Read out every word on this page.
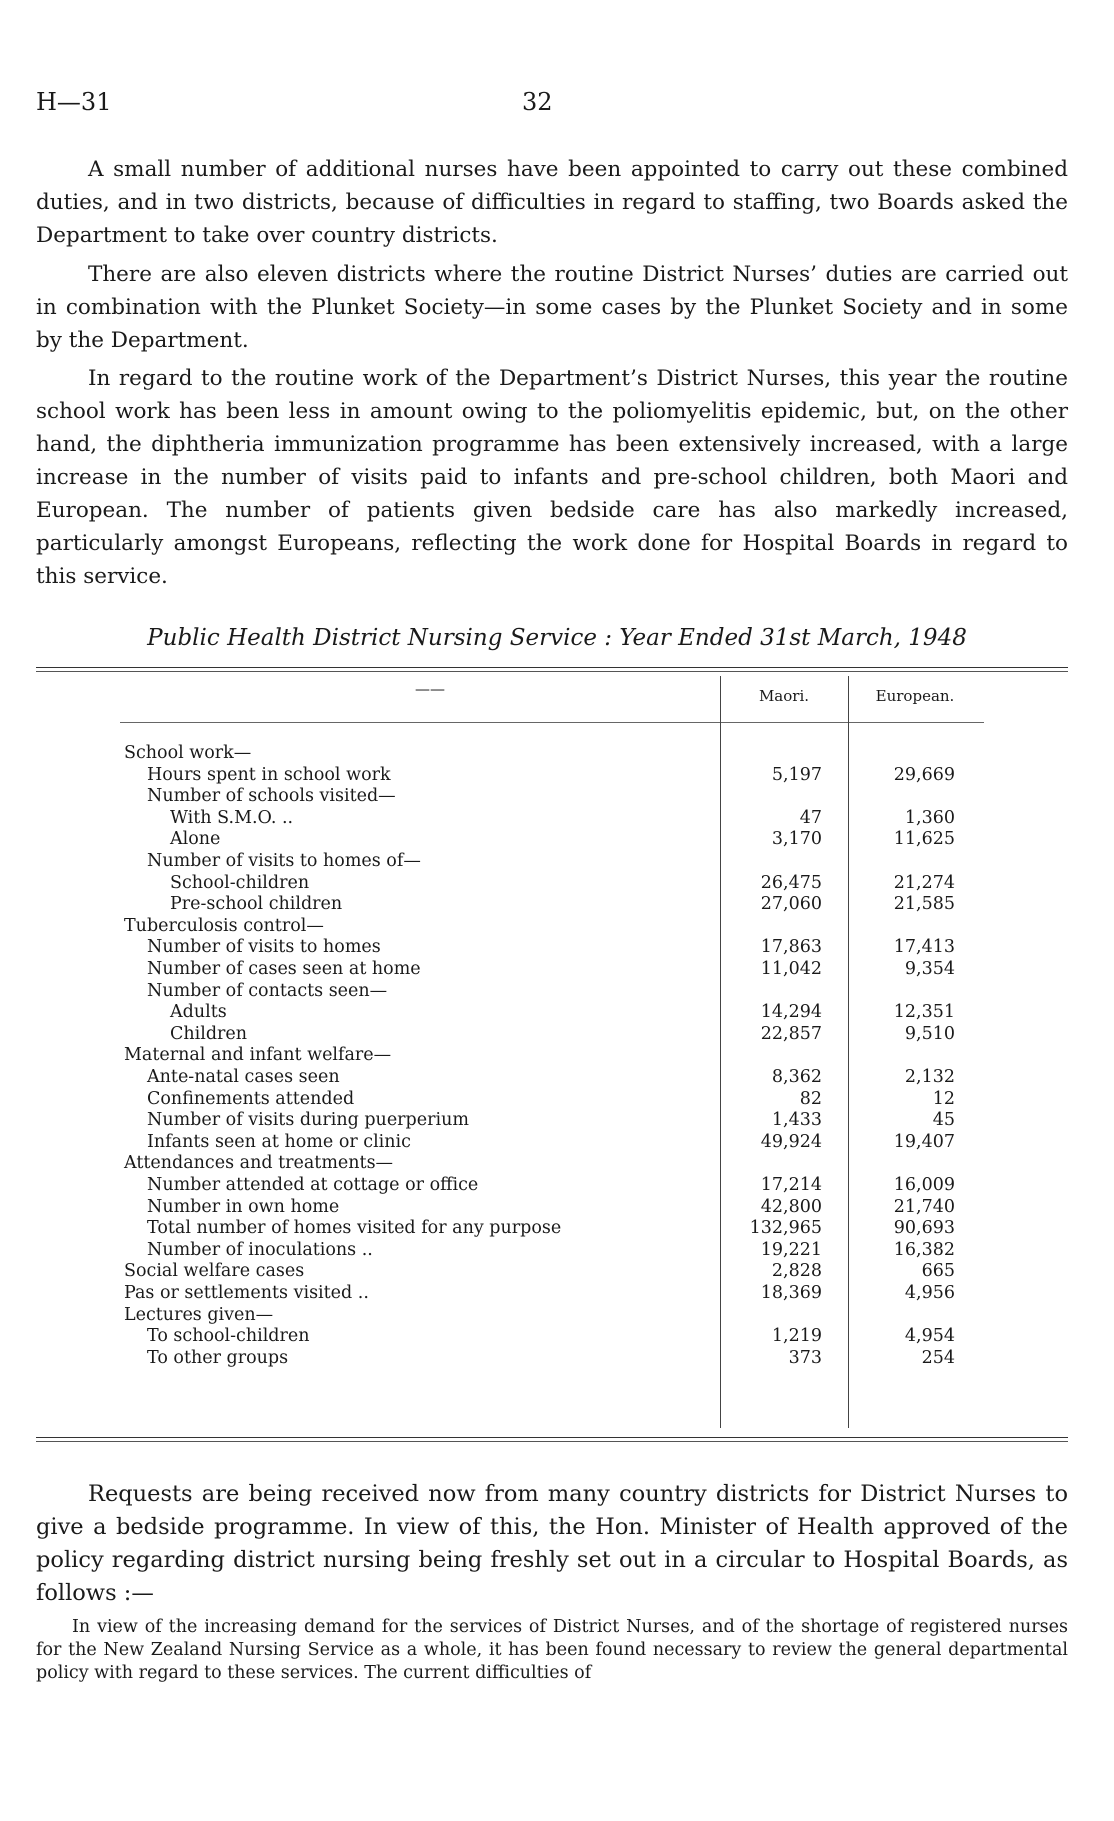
H—31	32

A small number of additional nurses have been appointed to carry out these combined duties, and in two districts, because of difficulties in regard to staffing, two Boards asked the Department to take over country districts.

There are also eleven districts where the routine District Nurses’ duties are carried out in combination with the Plunket Society—in some cases by the Plunket Society and in some by the Department.

In regard to the routine work of the Department’s District Nurses, this year the routine school work has been less in amount owing to the poliomyelitis epidemic, but, on the other hand, the diphtheria immunization programme has been extensively increased, with a large increase in the number of visits paid to infants and pre-school children, both Maori and European. The number of patients given bedside care has also markedly increased, particularly amongst Europeans, reflecting the work done for Hospital Boards in regard to this service.

Public Health District Nursing Service : Year Ended 31st March, 1948
——	Maori.	European.
School work—
Hours spent in school work	5,197	29,669
Number of schools visited—
With S.M.O. ..	47	1,360
Alone	3,170	11,625
Number of visits to homes of—
School-children	26,475	21,274
Pre-school children	27,060	21,585
Tuberculosis control—
Number of visits to homes	17,863	17,413
Number of cases seen at home	11,042	9,354
Number of contacts seen—
Adults	14,294	12,351
Children	22,857	9,510
Maternal and infant welfare—
Ante-natal cases seen	8,362	2,132
Confinements attended	82	12
Number of visits during puerperium	1,433	45
Infants seen at home or clinic	49,924	19,407
Attendances and treatments—
Number attended at cottage or office	17,214	16,009
Number in own home	42,800	21,740
Total number of homes visited for any purpose	132,965	90,693
Number of inoculations ..	19,221	16,382
Social welfare cases	2,828	665
Pas or settlements visited ..	18,369	4,956
Lectures given—
To school-children	1,219	4,954
To other groups	373	254

Requests are being received now from many country districts for District Nurses to give a bedside programme. In view of this, the Hon. Minister of Health approved of the policy regarding district nursing being freshly set out in a circular to Hospital Boards, as follows :—

In view of the increasing demand for the services of District Nurses, and of the shortage of registered nurses for the New Zealand Nursing Service as a whole, it has been found necessary to review the general departmental policy with regard to these services. The current difficulties of
